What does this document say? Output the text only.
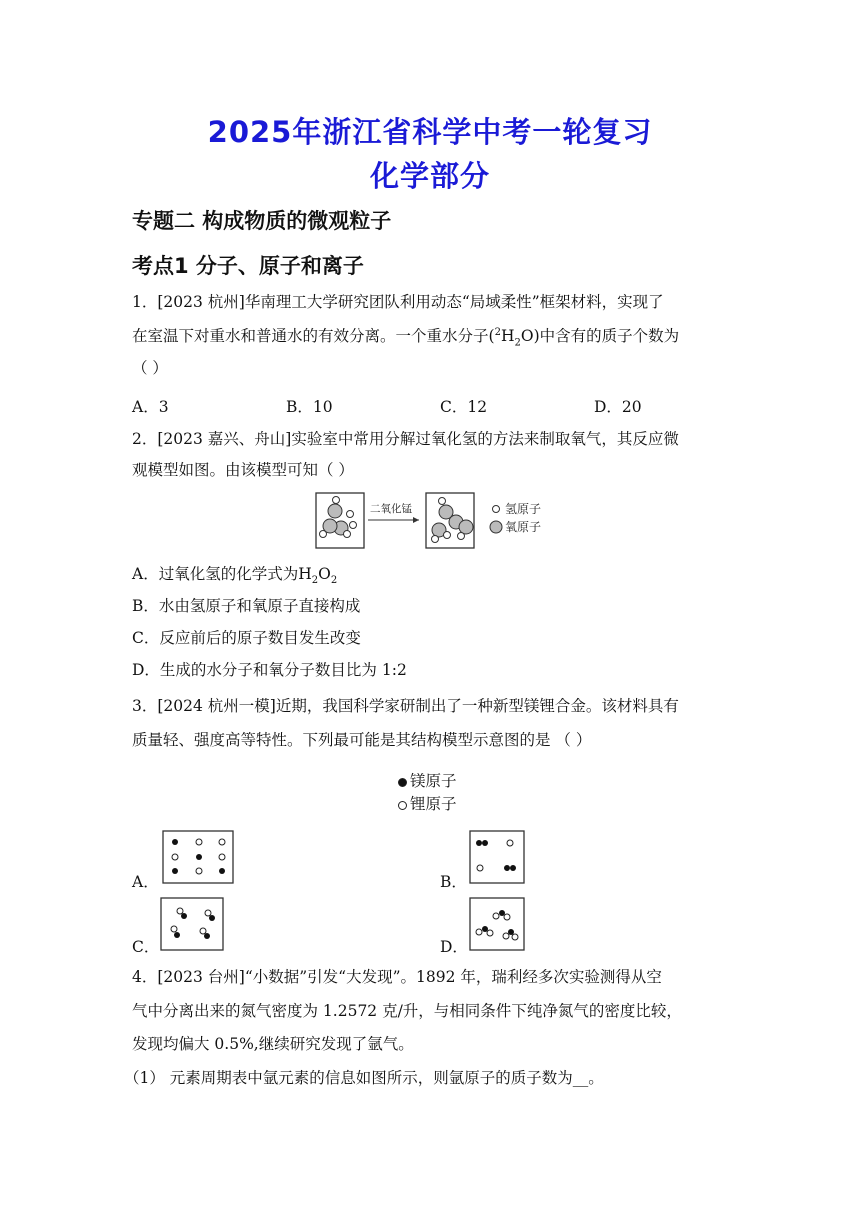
2025年浙江省科学中考一轮复习
化学部分
专题二 构成物质的微观粒子
考点1 分子、原子和离子
1．[2023 杭州]华南理工大学研究团队利用动态“局域柔性”框架材料，实现了
在室温下对重水和普通水的有效分离。一个重水分子$(^2H_2O)$中含有的质子个数为
（ ）
A．3	B．10	C．12	D．20
2．[2023 嘉兴、舟山]实验室中常用分解过氧化氢的方法来制取氧气，其反应微
观模型如图。由该模型可知（ ）
二氧化锰	氢原子
氧原子
A．过氧化氢的化学式为$H_2O_2$
B．水由氢原子和氧原子直接构成
C．反应前后的原子数目发生改变
D．生成的水分子和氧分子数目比为 1:2
3．[2024 杭州一模]近期，我国科学家研制出了一种新型镁锂合金。该材料具有
质量轻、强度高等特性。下列最可能是其结构模型示意图的是 （ ）
镁原子
锂原子
A．	B．
C．	D．
4．[2023 台州]“小数据”引发“大发现”。1892 年，瑞利经多次实验测得从空
气中分离出来的氮气密度为 1.2572 克/升，与相同条件下纯净氮气的密度比较，
发现均偏大 0.5%,继续研究发现了氩气。
（1） 元素周期表中氩元素的信息如图所示，则氩原子的质子数为__。
